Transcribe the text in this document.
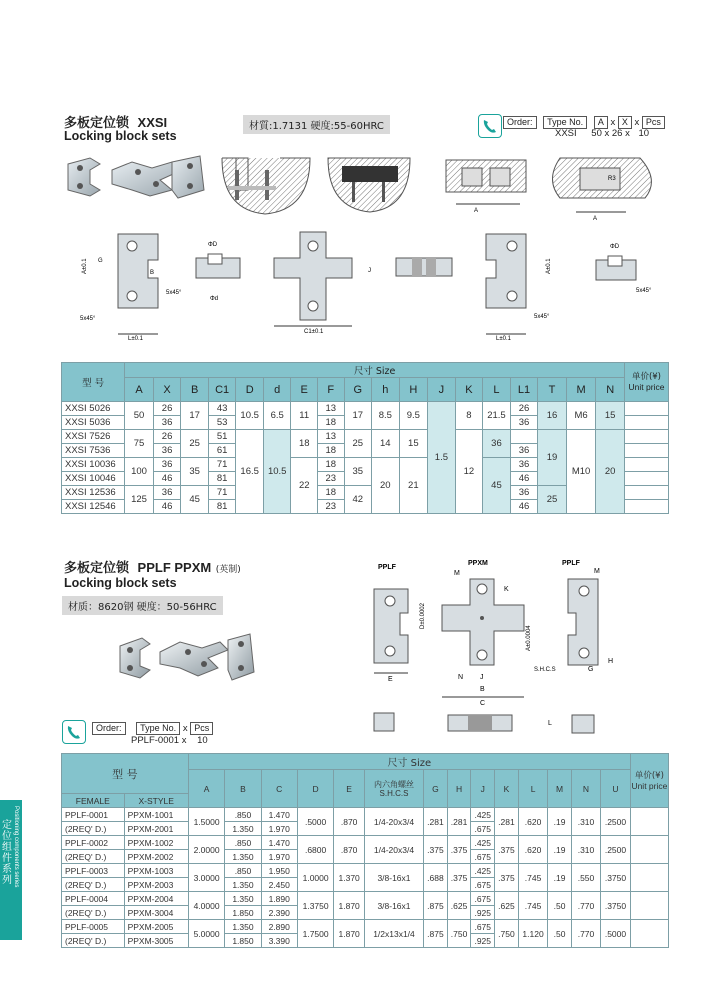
多板定位锁 XXSI
Locking block sets
材質:1.7131 硬度:55-60HRC	Order: Type No. A x X x Pcs
XXSI 50 x 26 x 10
A
R3
A
A±0.1 G
B
5x45°
L±0.1
ΦD
5x45°
Φd
C1±0.1
J	A±0.1
5x45°
L±0.1
ΦD
5x45°
型 号	尺寸 Size																		单价(¥)
Unit price

	A	X	B	C1	D	d	E	F	G	h	H	J	K	L	L1	T	M	N	
XXSI 5026	50	26	17	43	10.5	6.5	11	13	17	8.5	9.5	1.5	8	21.5	26	16	M6	15	
XXSI 5036		36		53				18							36				
XXSI 7526	75	26	25	51	16.5	10.5	18	13	25	14	15		12	36		19	M10	20	
XXSI 7536		36		61				18							36				
XXSI 10036	100	36	35	71			22	18	35	20	21			45	36				
XXSI 10046		46		81				23							46				
XXSI 12536	125	36	45	71				18	42						36	25			
XXSI 12546		46		81				23							46				
多板定位锁 PPLF PPXM (英制)
Locking block sets
材质：8620钢 硬度：50-56HRC
PPLF
PPXM	PPLF
E
M
K
D±0.0002
A±0.0004
N J
B
C
M
H
G
S.H.C.S
L
Order: Type No. x Pcs
PPLF-0001 x 10
型 号		尺寸 Size														单价(¥)
Unit price

		A	B	C	D	E	内六角螺丝
S.H.C.S	G	H	J	K	L	M	N	U	
FEMALE	X-STYLE															
PPLF-0001	PPXM-1001	1.5000	.850	1.470	.5000	.870	1/4-20x3/4	.281	.281	.425	.281	.620	.19	.310	.2500	
(2REQ' D.)	PPXM-2001		1.350	1.970						.675						
PPLF-0002	PPXM-1002	2.0000	.850	1.470	.6800	.870	1/4-20x3/4	.375	.375	.425	.375	.620	.19	.310	.2500	
(2REQ' D.)	PPXM-2002		1.350	1.970						.675						
PPLF-0003	PPXM-1003	3.0000	.850	1.950	1.0000	1.370	3/8-16x1	.688	.375	.425	.375	.745	.19	.550	.3750	
(2REQ' D.)	PPXM-2003		1.350	2.450						.675						
PPLF-0004	PPXM-2004	4.0000	1.350	1.890	1.3750	1.870	3/8-16x1	.875	.625	.675	.625	.745	.50	.770	.3750	
(2REQ' D.)	PPXM-3004		1.850	2.390						.925						
PPLF-0005	PPXM-2005	5.0000	1.350	2.890	1.7500	1.870	1/2x13x1/4	.875	.750	.675	.750	1.120	.50	.770	.5000	
(2REQ' D.)	PPXM-3005		1.850	3.390						.925						
定位组件系列 Positioning components series
